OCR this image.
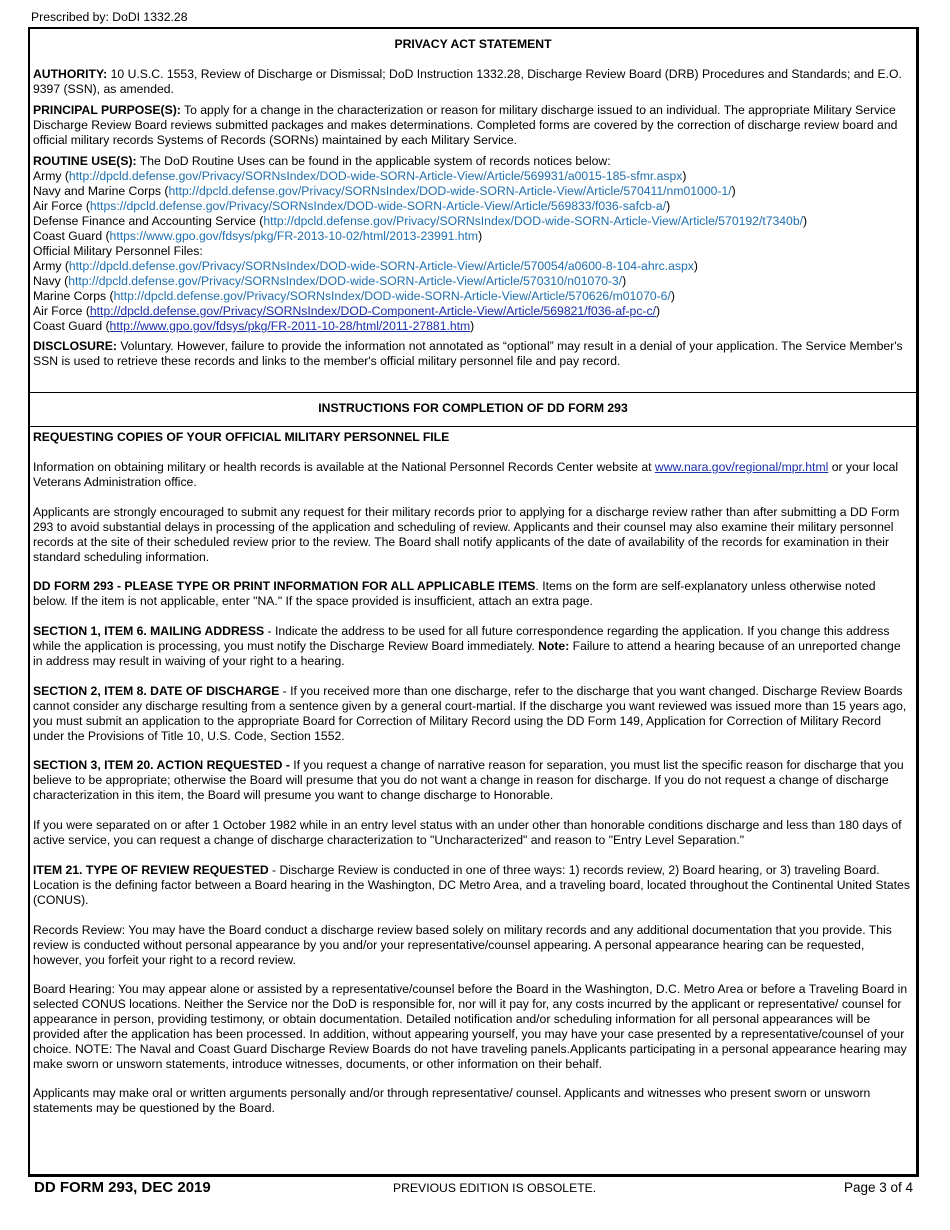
Prescribed by: DoDI 1332.28
PRIVACY ACT STATEMENT

AUTHORITY: 10 U.S.C. 1553, Review of Discharge or Dismissal; DoD Instruction 1332.28, Discharge Review Board (DRB) Procedures and Standards; and E.O. 9397 (SSN), as amended.

PRINCIPAL PURPOSE(S): To apply for a change in the characterization or reason for military discharge issued to an individual. The appropriate Military Service Discharge Review Board reviews submitted packages and makes determinations. Completed forms are covered by the correction of discharge review board and official military records Systems of Records (SORNs) maintained by each Military Service.

ROUTINE USE(S): The DoD Routine Uses can be found in the applicable system of records notices below:

Army (http://dpcld.defense.gov/Privacy/SORNsIndex/DOD-wide-SORN-Article-View/Article/569931/a0015-185-sfmr.aspx)
Navy and Marine Corps (http://dpcld.defense.gov/Privacy/SORNsIndex/DOD-wide-SORN-Article-View/Article/570411/nm01000-1/)
Air Force (https://dpcld.defense.gov/Privacy/SORNsIndex/DOD-wide-SORN-Article-View/Article/569833/f036-safcb-a/)
Defense Finance and Accounting Service (http://dpcld.defense.gov/Privacy/SORNsIndex/DOD-wide-SORN-Article-View/Article/570192/t7340b/)
Coast Guard (https://www.gpo.gov/fdsys/pkg/FR-2013-10-02/html/2013-23991.htm)
Official Military Personnel Files:
Army (http://dpcld.defense.gov/Privacy/SORNsIndex/DOD-wide-SORN-Article-View/Article/570054/a0600-8-104-ahrc.aspx)
Navy (http://dpcld.defense.gov/Privacy/SORNsIndex/DOD-wide-SORN-Article-View/Article/570310/n01070-3/)
Marine Corps (http://dpcld.defense.gov/Privacy/SORNsIndex/DOD-wide-SORN-Article-View/Article/570626/m01070-6/)
Air Force (http://dpcld.defense.gov/Privacy/SORNsIndex/DOD-Component-Article-View/Article/569821/f036-af-pc-c/)
Coast Guard (http://www.gpo.gov/fdsys/pkg/FR-2011-10-28/html/2011-27881.htm)

DISCLOSURE: Voluntary. However, failure to provide the information not annotated as “optional” may result in a denial of your application. The Service Member's SSN is used to retrieve these records and links to the member's official military personnel file and pay record.

INSTRUCTIONS FOR COMPLETION OF DD FORM 293
REQUESTING COPIES OF YOUR OFFICIAL MILITARY PERSONNEL FILE

Information on obtaining military or health records is available at the National Personnel Records Center website at www.nara.gov/regional/mpr.html or your local Veterans Administration office.

Applicants are strongly encouraged to submit any request for their military records prior to applying for a discharge review rather than after submitting a DD Form 293 to avoid substantial delays in processing of the application and scheduling of review. Applicants and their counsel may also examine their military personnel records at the site of their scheduled review prior to the review. The Board shall notify applicants of the date of availability of the records for examination in their standard scheduling information.

DD FORM 293 - PLEASE TYPE OR PRINT INFORMATION FOR ALL APPLICABLE ITEMS. Items on the form are self-explanatory unless otherwise noted below. If the item is not applicable, enter "NA." If the space provided is insufficient, attach an extra page.

SECTION 1, ITEM 6. MAILING ADDRESS - Indicate the address to be used for all future correspondence regarding the application. If you change this address while the application is processing, you must notify the Discharge Review Board immediately. Note: Failure to attend a hearing because of an unreported change in address may result in waiving of your right to a hearing.

SECTION 2, ITEM 8. DATE OF DISCHARGE - If you received more than one discharge, refer to the discharge that you want changed. Discharge Review Boards cannot consider any discharge resulting from a sentence given by a general court-martial. If the discharge you want reviewed was issued more than 15 years ago, you must submit an application to the appropriate Board for Correction of Military Record using the DD Form 149, Application for Correction of Military Record under the Provisions of Title 10, U.S. Code, Section 1552.

SECTION 3, ITEM 20. ACTION REQUESTED - If you request a change of narrative reason for separation, you must list the specific reason for discharge that you believe to be appropriate; otherwise the Board will presume that you do not want a change in reason for discharge. If you do not request a change of discharge characterization in this item, the Board will presume you want to change discharge to Honorable.

If you were separated on or after 1 October 1982 while in an entry level status with an under other than honorable conditions discharge and less than 180 days of active service, you can request a change of discharge characterization to "Uncharacterized" and reason to "Entry Level Separation."

ITEM 21. TYPE OF REVIEW REQUESTED - Discharge Review is conducted in one of three ways: 1) records review, 2) Board hearing, or 3) traveling Board. Location is the defining factor between a Board hearing in the Washington, DC Metro Area, and a traveling board, located throughout the Continental United States (CONUS).

Records Review: You may have the Board conduct a discharge review based solely on military records and any additional documentation that you provide. This review is conducted without personal appearance by you and/or your representative/counsel appearing. A personal appearance hearing can be requested, however, you forfeit your right to a record review.
Board Hearing: You may appear alone or assisted by a representative/counsel before the Board in the Washington, D.C. Metro Area or before a Traveling Board in selected CONUS locations. Neither the Service nor the DoD is responsible for, nor will it pay for, any costs incurred by the applicant or representative/ counsel for appearance in person, providing testimony, or obtain documentation. Detailed notification and/or scheduling information for all personal appearances will be provided after the application has been processed. In addition, without appearing yourself, you may have your case presented by a representative/counsel of your choice. NOTE: The Naval and Coast Guard Discharge Review Boards do not have traveling panels.Applicants participating in a personal appearance hearing may make sworn or unsworn statements, introduce witnesses, documents, or other information on their behalf.
Applicants may make oral or written arguments personally and/or through representative/ counsel. Applicants and witnesses who present sworn or unsworn statements may be questioned by the Board.
DD FORM 293, DEC 2019	PREVIOUS EDITION IS OBSOLETE.	Page 3 of 4
